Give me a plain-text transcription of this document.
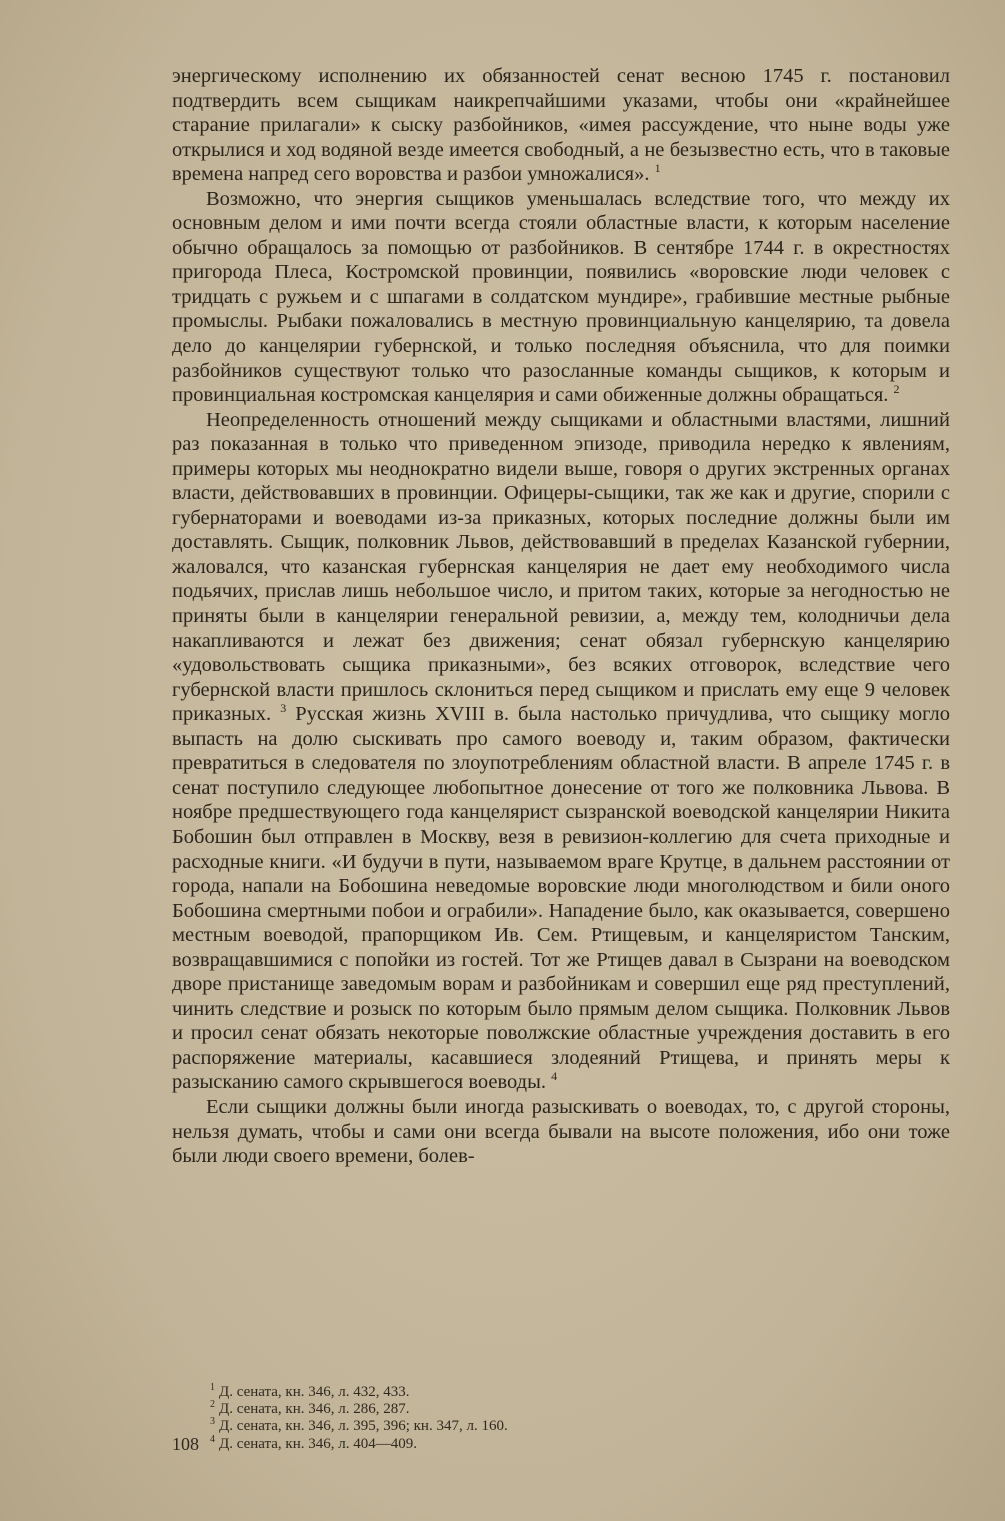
энергическому исполнению их обязанностей сенат весною 1745 г. постановил подтвердить всем сыщикам наикрепчайшими указами, чтобы они «крайнейшее старание прилагали» к сыску разбойников, «имея рассуждение, что ныне воды уже открылися и ход водяной везде имеется свободный, а не безызвестно есть, что в таковые времена напред сего воровства и разбои умножалися». $^1$

Возможно, что энергия сыщиков уменьшалась вследствие того, что между их основным делом и ими почти всегда стояли областные власти, к которым население обычно обращалось за помощью от разбойников. В сентябре 1744 г. в окрестностях пригорода Плеса, Костромской провинции, появились «воровские люди человек с тридцать с ружьем и с шпагами в солдатском мундире», грабившие местные рыбные промыслы. Рыбаки пожаловались в местную провинциальную канцелярию, та довела дело до канцелярии губернской, и только последняя объяснила, что для поимки разбойников существуют только что разосланные команды сыщиков, к которым и провинциальная костромская канцелярия и сами обиженные должны обращаться. $^2$

Неопределенность отношений между сыщиками и областными властями, лишний раз показанная в только что приведенном эпизоде, приводила нередко к явлениям, примеры которых мы неоднократно видели выше, говоря о других экстренных органах власти, действовавших в провинции. Офицеры-сыщики, так же как и другие, спорили с губернаторами и воеводами из-за приказных, которых последние должны были им доставлять. Сыщик, полковник Львов, действовавший в пределах Казанской губернии, жаловался, что казанская губернская канцелярия не дает ему необходимого числа подьячих, прислав лишь небольшое число, и притом таких, которые за негодностью не приняты были в канцелярии генеральной ревизии, а, между тем, колодничьи дела накапливаются и лежат без движения; сенат обязал губернскую канцелярию «удовольствовать сыщика приказными», без всяких отговорок, вследствие чего губернской власти пришлось склониться перед сыщиком и прислать ему еще 9 человек приказных. $^3$ Русская жизнь XVIII в. была настолько причудлива, что сыщику могло выпасть на долю сыскивать про самого воеводу и, таким образом, фактически превратиться в следователя по злоупотреблениям областной власти. В апреле 1745 г. в сенат поступило следующее любопытное донесение от того же полковника Львова. В ноябре предшествующего года канцелярист сызранской воеводской канцелярии Никита Бобошин был отправлен в Москву, везя в ревизион-коллегию для счета приходные и расходные книги. «И будучи в пути, называемом враге Крутце, в дальнем расстоянии от города, напали на Бобошина неведомые воровские люди многолюдством и били оного Бобошина смертными побои и ограбили». Нападение было, как оказывается, совершено местным воеводой, прапорщиком Ив. Сем. Ртищевым, и канцеляристом Танским, возвращавшимися с попойки из гостей. Тот же Ртищев давал в Сызрани на воеводском дворе пристанище заведомым ворам и разбойникам и совершил еще ряд преступлений, чинить следствие и розыск по которым было прямым делом сыщика. Полковник Львов и просил сенат обязать некоторые поволжские областные учреждения доставить в его распоряжение материалы, касавшиеся злодеяний Ртищева, и принять меры к разысканию самого скрывшегося воеводы. $^4$

Если сыщики должны были иногда разыскивать о воеводах, то, с другой стороны, нельзя думать, чтобы и сами они всегда бывали на высоте положения, ибо они тоже были люди своего времени, болев-

$^1$ Д. сената, кн. 346, л. 432, 433.
$^2$ Д. сената, кн. 346, л. 286, 287.
$^3$ Д. сената, кн. 346, л. 395, 396; кн. 347, л. 160.
$^4$ Д. сената, кн. 346, л. 404—409.
108
